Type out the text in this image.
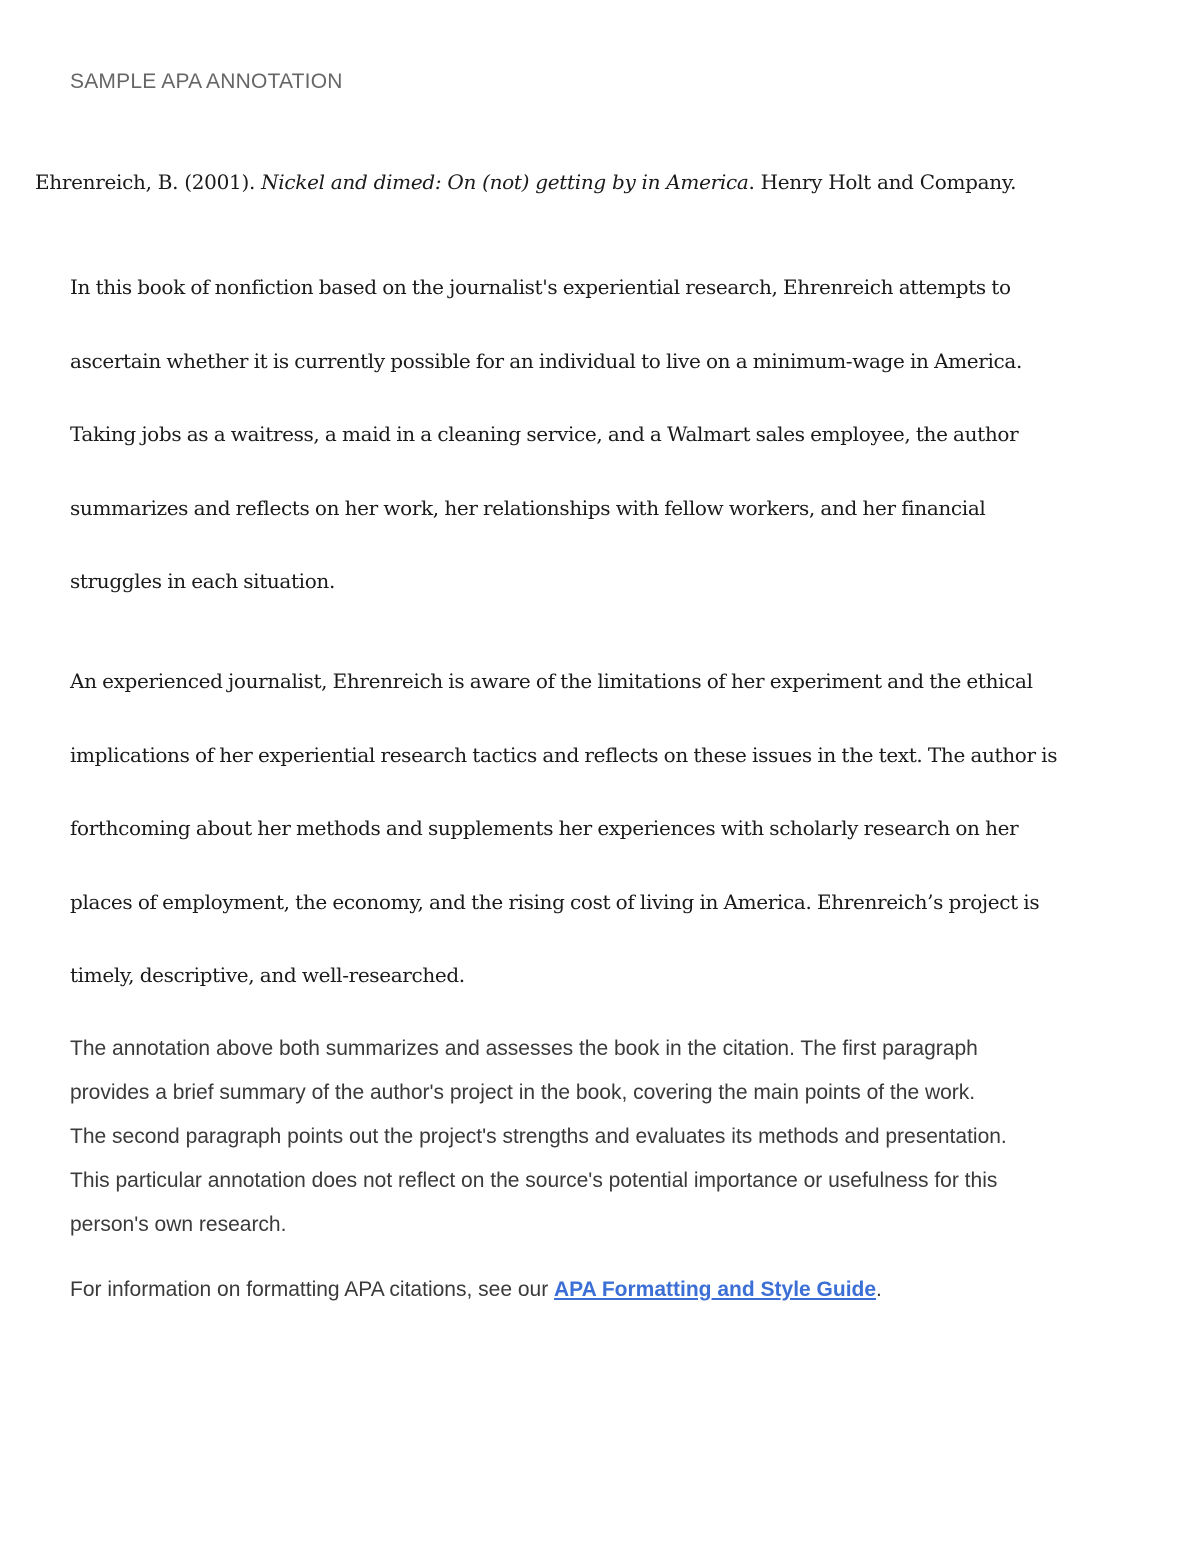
SAMPLE APA ANNOTATION
Ehrenreich, B. (2001). Nickel and dimed: On (not) getting by in America. Henry Holt and Company.
In this book of nonfiction based on the journalist's experiential research, Ehrenreich attempts to
ascertain whether it is currently possible for an individual to live on a minimum-wage in America.
Taking jobs as a waitress, a maid in a cleaning service, and a Walmart sales employee, the author
summarizes and reflects on her work, her relationships with fellow workers, and her financial
struggles in each situation.
An experienced journalist, Ehrenreich is aware of the limitations of her experiment and the ethical
implications of her experiential research tactics and reflects on these issues in the text. The author is
forthcoming about her methods and supplements her experiences with scholarly research on her
places of employment, the economy, and the rising cost of living in America. Ehrenreich’s project is
timely, descriptive, and well-researched.
The annotation above both summarizes and assesses the book in the citation. The first paragraph
provides a brief summary of the author's project in the book, covering the main points of the work.
The second paragraph points out the project's strengths and evaluates its methods and presentation.
This particular annotation does not reflect on the source's potential importance or usefulness for this
person's own research.
For information on formatting APA citations, see our APA Formatting and Style Guide.
